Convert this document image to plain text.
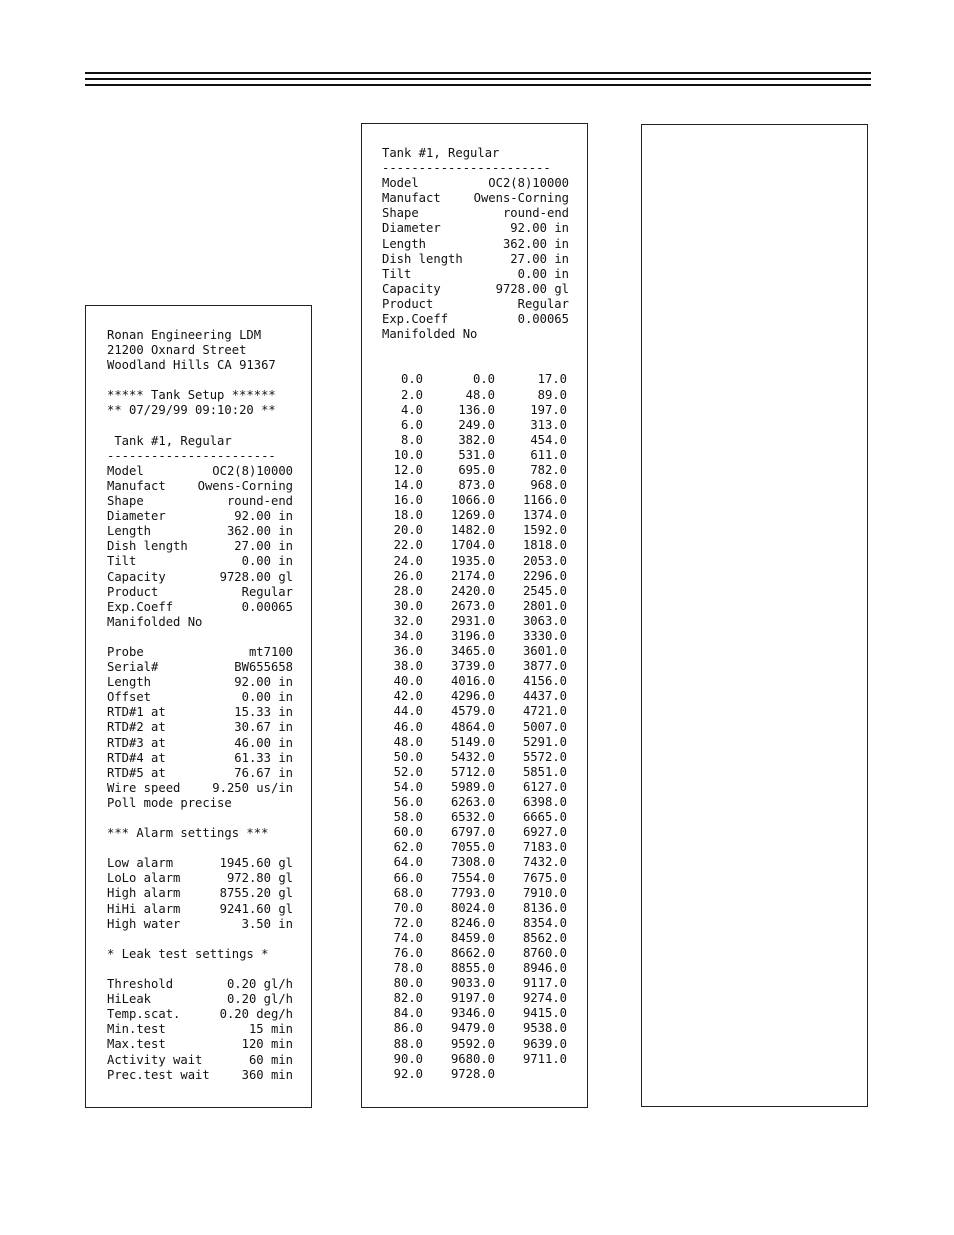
Ronan Engineering LDM
21200 Oxnard Street
Woodland Hills CA 91367
***** Tank Setup ******
** 07/29/99 09:10:20 **
Tank #1, Regular
-----------------------
Model	OC2(8)10000
Manufact	Owens-Corning
Shape	round-end
Diameter	92.00 in
Length	362.00 in
Dish length	27.00 in
Tilt	0.00 in
Capacity	9728.00 gl
Product	Regular
Exp.Coeff	0.00065
Manifolded No
Probe	mt7100
Serial#	BW655658
Length	92.00 in
Offset	0.00 in
RTD#1 at	15.33 in
RTD#2 at	30.67 in
RTD#3 at	46.00 in
RTD#4 at	61.33 in
RTD#5 at	76.67 in
Wire speed	9.250 us/in
Poll mode precise
*** Alarm settings ***
Low alarm	1945.60 gl
LoLo alarm	972.80 gl
High alarm	8755.20 gl
HiHi alarm	9241.60 gl
High water	3.50 in
* Leak test settings *
Threshold	0.20 gl/h
HiLeak	0.20 gl/h
Temp.scat.	0.20 deg/h
Min.test	15 min
Max.test	120 min
Activity wait	60 min
Prec.test wait	360 min
Tank #1, Regular
-----------------------
Model	OC2(8)10000
Manufact	Owens-Corning
Shape	round-end
Diameter	92.00 in
Length	362.00 in
Dish length	27.00 in
Tilt	0.00 in
Capacity	9728.00 gl
Product	Regular
Exp.Coeff	0.00065
Manifolded No

0.0	0.0	17.0
2.0	48.0	89.0
4.0	136.0	197.0
6.0	249.0	313.0
8.0	382.0	454.0
10.0	531.0	611.0
12.0	695.0	782.0
14.0	873.0	968.0
16.0	1066.0	1166.0
18.0	1269.0	1374.0
20.0	1482.0	1592.0
22.0	1704.0	1818.0
24.0	1935.0	2053.0
26.0	2174.0	2296.0
28.0	2420.0	2545.0
30.0	2673.0	2801.0
32.0	2931.0	3063.0
34.0	3196.0	3330.0
36.0	3465.0	3601.0
38.0	3739.0	3877.0
40.0	4016.0	4156.0
42.0	4296.0	4437.0
44.0	4579.0	4721.0
46.0	4864.0	5007.0
48.0	5149.0	5291.0
50.0	5432.0	5572.0
52.0	5712.0	5851.0
54.0	5989.0	6127.0
56.0	6263.0	6398.0
58.0	6532.0	6665.0
60.0	6797.0	6927.0
62.0	7055.0	7183.0
64.0	7308.0	7432.0
66.0	7554.0	7675.0
68.0	7793.0	7910.0
70.0	8024.0	8136.0
72.0	8246.0	8354.0
74.0	8459.0	8562.0
76.0	8662.0	8760.0
78.0	8855.0	8946.0
80.0	9033.0	9117.0
82.0	9197.0	9274.0
84.0	9346.0	9415.0
86.0	9479.0	9538.0
88.0	9592.0	9639.0
90.0	9680.0	9711.0
92.0	9728.0
